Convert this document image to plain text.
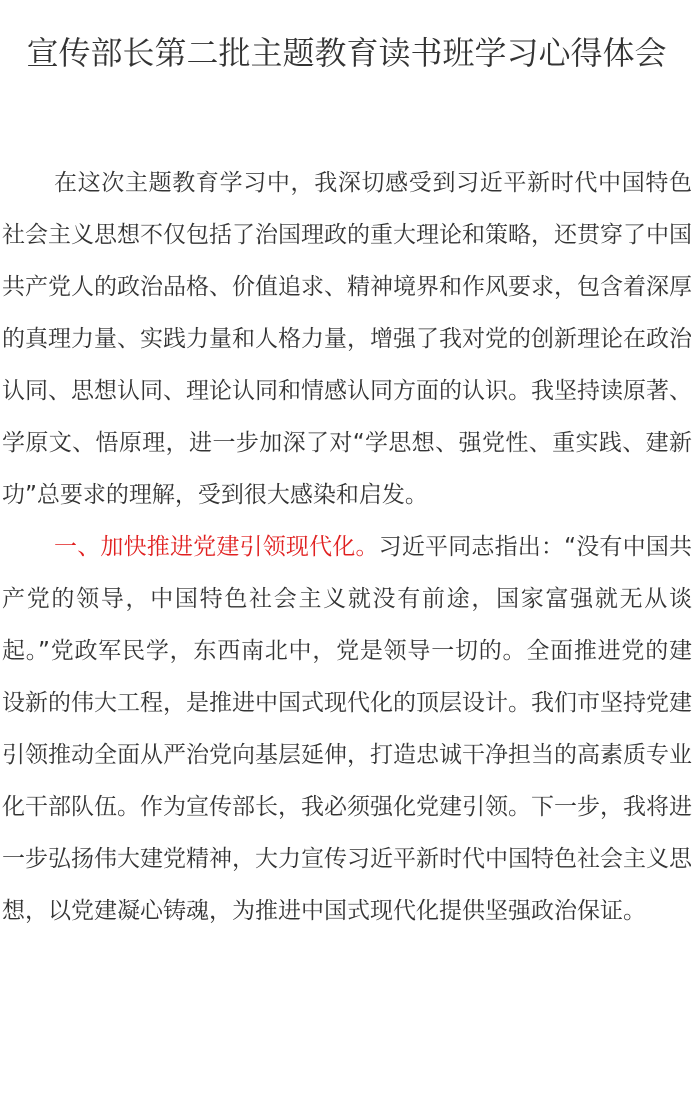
宣传部长第二批主题教育读书班学习心得体会

在这次主题教育学习中，我深切感受到习近平新时代中国特色社会主义思想不仅包括了治国理政的重大理论和策略，还贯穿了中国共产党人的政治品格、价值追求、精神境界和作风要求，包含着深厚的真理力量、实践力量和人格力量，增强了我对党的创新理论在政治认同、思想认同、理论认同和情感认同方面的认识。我坚持读原著、学原文、悟原理，进一步加深了对“学思想、强党性、重实践、建新功”总要求的理解，受到很大感染和启发。

一、加快推进党建引领现代化。习近平同志指出：“没有中国共产党的领导，中国特色社会主义就没有前途，国家富强就无从谈起。”党政军民学，东西南北中，党是领导一切的。全面推进党的建设新的伟大工程，是推进中国式现代化的顶层设计。我们市坚持党建引领推动全面从严治党向基层延伸，打造忠诚干净担当的高素质专业化干部队伍。作为宣传部长，我必须强化党建引领。下一步，我将进一步弘扬伟大建党精神，大力宣传习近平新时代中国特色社会主义思想，以党建凝心铸魂，为推进中国式现代化提供坚强政治保证。
